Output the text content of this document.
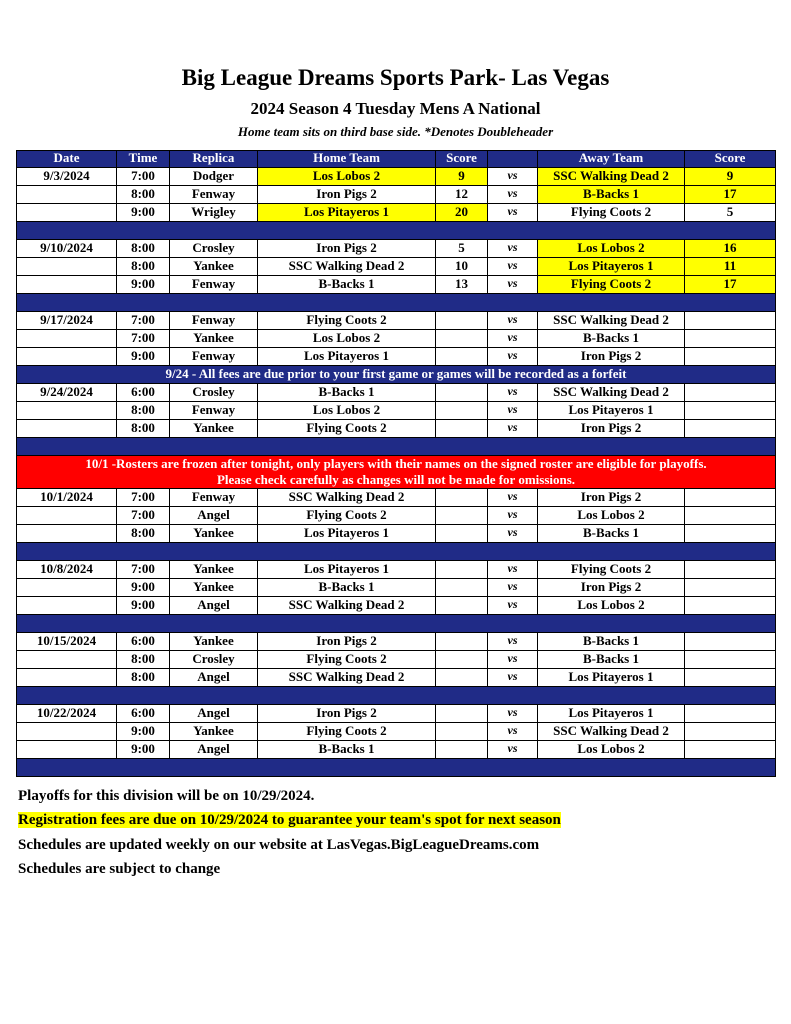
Big League Dreams Sports Park- Las Vegas
2024 Season 4 Tuesday Mens A National
Home team sits on third base side. *Denotes Doubleheader
Date	Time	Replica	Home Team	Score		Away Team	Score
9/3/2024	7:00	Dodger	Los Lobos 2	9	vs	SSC Walking Dead 2	9
	8:00	Fenway	Iron Pigs 2	12	vs	B-Backs 1	17
	9:00	Wrigley	Los Pitayeros 1	20	vs	Flying Coots 2	5

9/10/2024	8:00	Crosley	Iron Pigs 2	5	vs	Los Lobos 2	16
	8:00	Yankee	SSC Walking Dead 2	10	vs	Los Pitayeros 1	11
	9:00	Fenway	B-Backs 1	13	vs	Flying Coots 2	17

9/17/2024	7:00	Fenway	Flying Coots 2		vs	SSC Walking Dead 2	
	7:00	Yankee	Los Lobos 2		vs	B-Backs 1	
	9:00	Fenway	Los Pitayeros 1		vs	Iron Pigs 2	

9/24 - All fees are due prior to your first game or games will be recorded as a forfeit							

9/24/2024	6:00	Crosley	B-Backs 1		vs	SSC Walking Dead 2	
	8:00	Fenway	Los Lobos 2		vs	Los Pitayeros 1	
	8:00	Yankee	Flying Coots 2		vs	Iron Pigs 2	

10/1 -Rosters are frozen after tonight, only players with their names on the signed roster are eligible for playoffs.
Please check carefully as changes will not be made for omissions.							

10/1/2024	7:00	Fenway	SSC Walking Dead 2		vs	Iron Pigs 2	
	7:00	Angel	Flying Coots 2		vs	Los Lobos 2	
	8:00	Yankee	Los Pitayeros 1		vs	B-Backs 1	

10/8/2024	7:00	Yankee	Los Pitayeros 1		vs	Flying Coots 2	
	9:00	Yankee	B-Backs 1		vs	Iron Pigs 2	
	9:00	Angel	SSC Walking Dead 2		vs	Los Lobos 2	

10/15/2024	6:00	Yankee	Iron Pigs 2		vs	B-Backs 1	
	8:00	Crosley	Flying Coots 2		vs	B-Backs 1	
	8:00	Angel	SSC Walking Dead 2		vs	Los Pitayeros 1	

10/22/2024	6:00	Angel	Iron Pigs 2		vs	Los Pitayeros 1	
	9:00	Yankee	Flying Coots 2		vs	SSC Walking Dead 2	
	9:00	Angel	B-Backs 1		vs	Los Lobos 2	

Playoffs for this division will be on 10/29/2024.
Registration fees are due on 10/29/2024 to guarantee your team's spot for next season
Schedules are updated weekly on our website at LasVegas.BigLeagueDreams.com
Schedules are subject to change
